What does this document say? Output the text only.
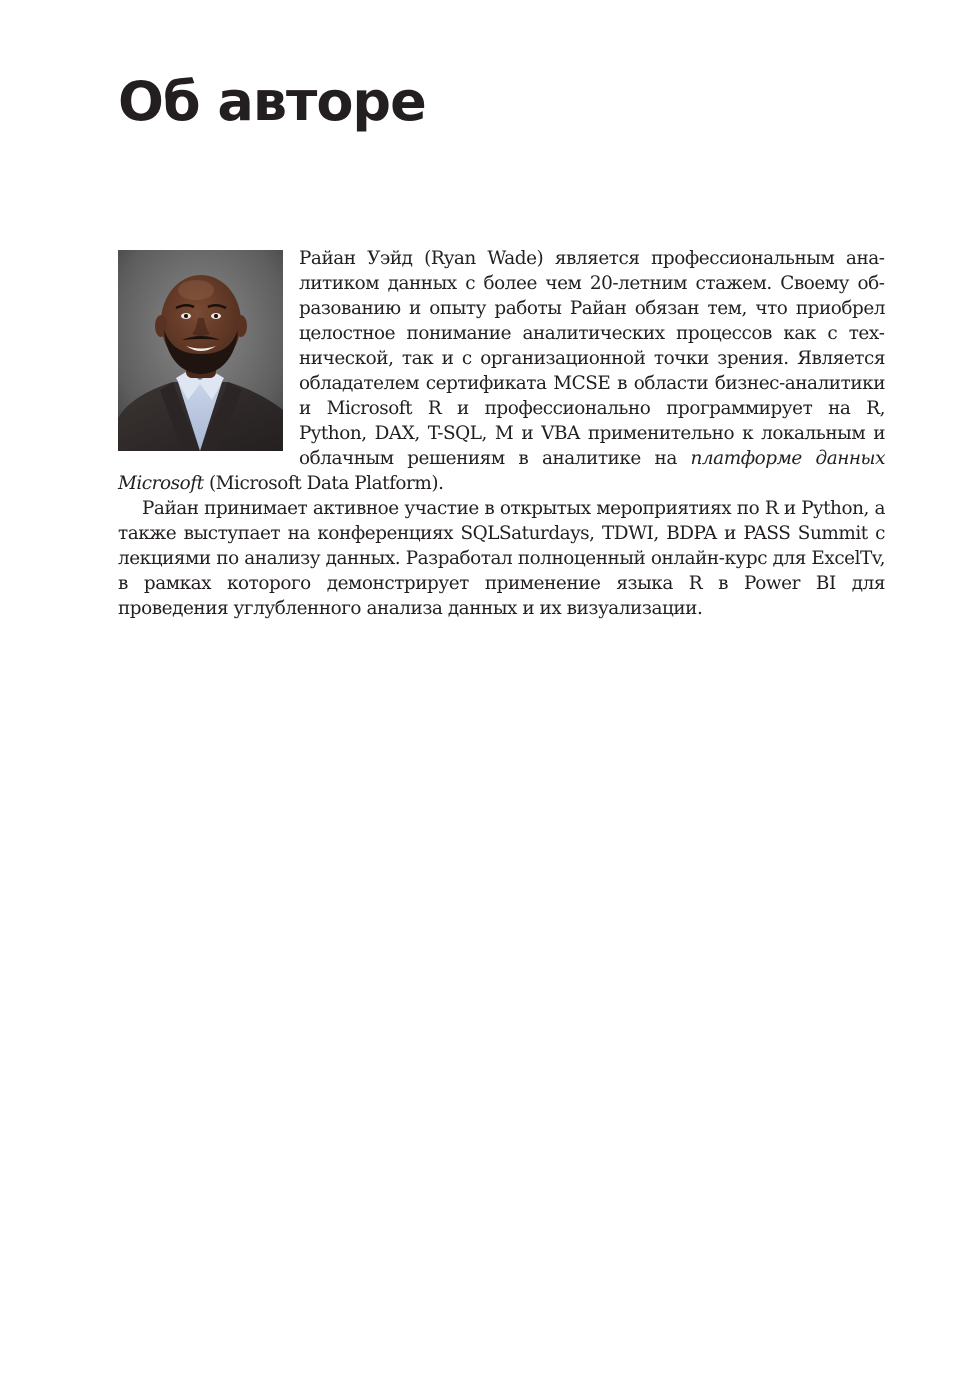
Об авторе

Райан Уэйд (Ryan Wade) является профессиональным аналитиком данных с более чем 20-летним стажем. Своему образованию и опыту работы Райан обязан тем, что приобрел целостное понимание аналитических процессов как с технической, так и с организационной точки зрения. Является обладателем сертификата MCSE в области бизнес-аналитики и Microsoft R и профессионально программирует на R, Python, DAX, T-SQL, M и VBA применительно к локальным и облачным решениям в аналитике на платформе данных Microsoft (Microsoft Data Platform).

Райан принимает активное участие в открытых мероприятиях по R и Python, а также выступает на конференциях SQLSaturdays, TDWI, BDPA и PASS Summit с лекциями по анализу данных. Разработал полноценный онлайн-курс для ExcelTv, в рамках которого демонстрирует применение языка R в Power BI для проведения углубленного анализа данных и их визуализации.
